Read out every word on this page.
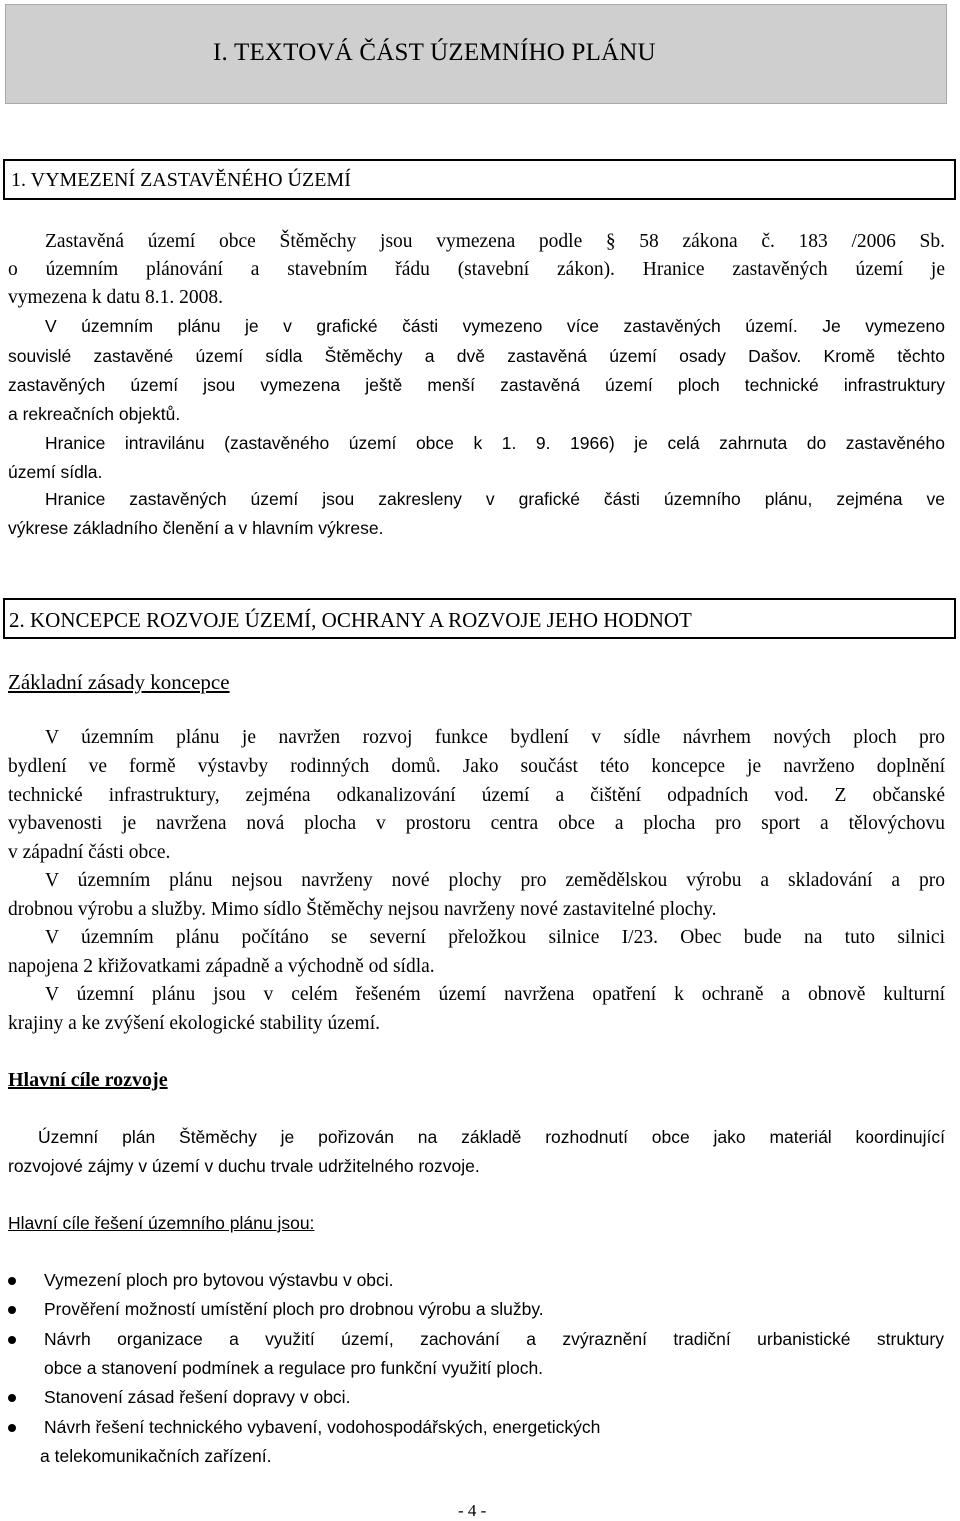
I. TEXTOVÁ ČÁST ÚZEMNÍHO PLÁNU
1. VYMEZENÍ ZASTAVĚNÉHO ÚZEMÍ
Zastavěná území obce Štěměchy jsou vymezena podle § 58 zákona č. 183 /2006 Sb.
o územním plánování a stavebním řádu (stavební zákon). Hranice zastavěných území je
vymezena k datu 8.1. 2008.
V územním plánu je v grafické části vymezeno více zastavěných území. Je vymezeno
souvislé zastavěné území sídla Štěměchy a dvě zastavěná území osady Dašov. Kromě těchto
zastavěných území jsou vymezena ještě menší zastavěná území ploch technické infrastruktury
a rekreačních objektů.
Hranice intravilánu (zastavěného území obce k 1. 9. 1966) je celá zahrnuta do zastavěného
území sídla.
Hranice zastavěných území jsou zakresleny v grafické části územního plánu, zejména ve
výkrese základního členění a v hlavním výkrese.
2. KONCEPCE ROZVOJE ÚZEMÍ, OCHRANY A ROZVOJE JEHO HODNOT
Základní zásady koncepce
V územním plánu je navržen rozvoj funkce bydlení v sídle návrhem nových ploch pro
bydlení ve formě výstavby rodinných domů. Jako součást této koncepce je navrženo doplnění
technické infrastruktury, zejména odkanalizování území a čištění odpadních vod. Z občanské
vybavenosti je navržena nová plocha v prostoru centra obce a plocha pro sport a tělovýchovu
v západní části obce.
V územním plánu nejsou navrženy nové plochy pro zemědělskou výrobu a skladování a pro
drobnou výrobu a služby. Mimo sídlo Štěměchy nejsou navrženy nové zastavitelné plochy.
V územním plánu počítáno se severní přeložkou silnice I/23. Obec bude na tuto silnici
napojena 2 křižovatkami západně a východně od sídla.
V územní plánu jsou v celém řešeném území navržena opatření k ochraně a obnově kulturní
krajiny a ke zvýšení ekologické stability území.
Hlavní cíle rozvoje
Územní plán Štěměchy je pořizován na základě rozhodnutí obce jako materiál koordinující
rozvojové zájmy v území v duchu trvale udržitelného rozvoje.
Hlavní cíle řešení územního plánu jsou:
Vymezení ploch pro bytovou výstavbu v obci.
Prověření možností umístění ploch pro drobnou výrobu a služby.
Návrh organizace a využití území, zachování a zvýraznění tradiční urbanistické struktury
obce a stanovení podmínek a regulace pro funkční využití ploch.
Stanovení zásad řešení dopravy v obci.
Návrh řešení technického vybavení, vodohospodářských, energetických
a telekomunikačních zařízení.
- 4 -
